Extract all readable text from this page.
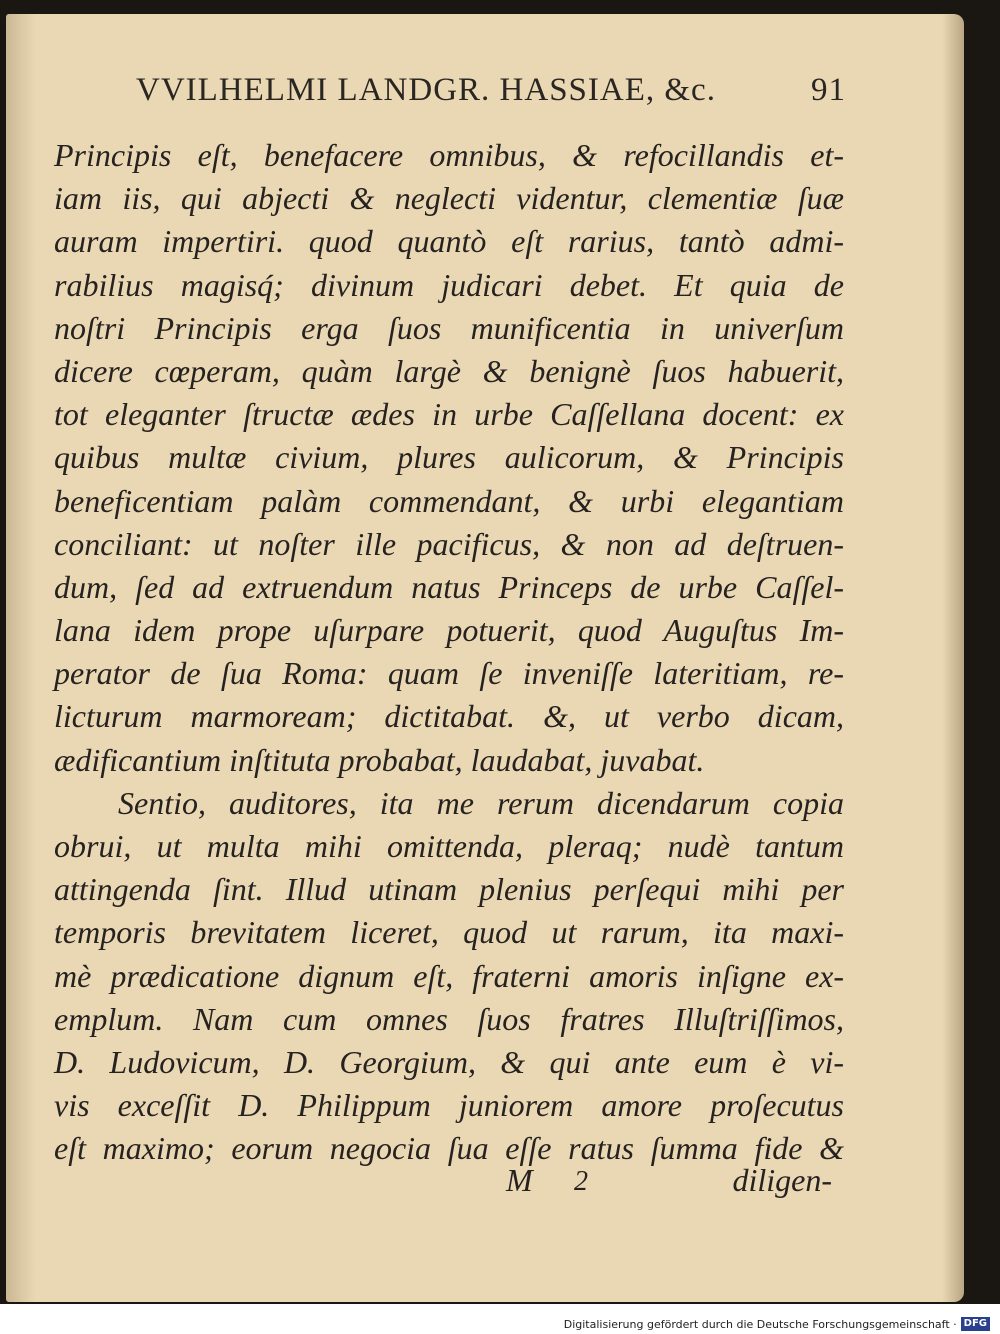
VVILHELMI LANDGR. HASSIAE, &c.	91
Principis eſt, benefacere omnibus, & refocillandis et-
iam iis, qui abjecti & neglecti videntur, clementiæ ſuæ
auram impertiri. quod quantò eſt rarius, tantò admi-
rabilius magisq́; divinum judicari debet. Et quia de
noſtri Principis erga ſuos munificentia in univerſum
dicere cœperam, quàm largè & benignè ſuos habuerit,
tot eleganter ſtructæ ædes in urbe Caſſellana docent: ex
quibus multæ civium, plures aulicorum, & Principis
beneficentiam palàm commendant, & urbi elegantiam
conciliant: ut noſter ille pacificus, & non ad deſtruen-
dum, ſed ad extruendum natus Princeps de urbe Caſſel-
lana idem prope uſurpare potuerit, quod Auguſtus Im-
perator de ſua Roma: quam ſe inveniſſe lateritiam, re-
licturum marmoream; dictitabat. &, ut verbo dicam,
ædificantium inſtituta probabat, laudabat, juvabat.
Sentio, auditores, ita me rerum dicendarum copia
obrui, ut multa mihi omittenda, pleraq; nudè tantum
attingenda ſint. Illud utinam plenius perſequi mihi per
temporis brevitatem liceret, quod ut rarum, ita maxi-
mè prædicatione dignum eſt, fraterni amoris inſigne ex-
emplum. Nam cum omnes ſuos fratres Illuſtriſſimos,
D. Ludovicum, D. Georgium, & qui ante eum è vi-
vis exceſſit D. Philippum juniorem amore proſecutus
eſt maximo; eorum negocia ſua eſſe ratus ſumma fide &
M 2	diligen-
Digitalisierung gefördert durch die Deutsche Forschungsgemeinschaft · DFG
